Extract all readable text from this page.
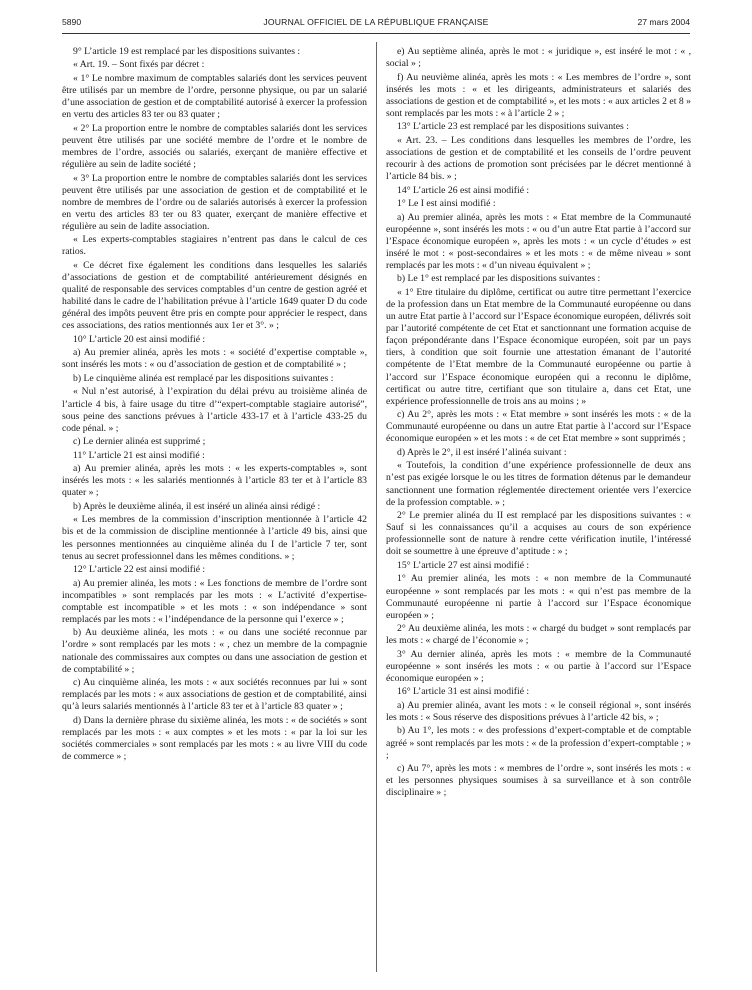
5890	JOURNAL OFFICIEL DE LA RÉPUBLIQUE FRANÇAISE	27 mars 2004

9° L’article 19 est remplacé par les dispositions suivantes :

« Art. 19. – Sont fixés par décret :

« 1° Le nombre maximum de comptables salariés dont les services peuvent être utilisés par un membre de l’ordre, personne physique, ou par un salarié d’une association de gestion et de comptabilité autorisé à exercer la profession en vertu des articles 83 ter ou 83 quater ;

« 2° La proportion entre le nombre de comptables salariés dont les services peuvent être utilisés par une société membre de l’ordre et le nombre de membres de l’ordre, associés ou salariés, exerçant de manière effective et régulière au sein de ladite société ;

« 3° La proportion entre le nombre de comptables salariés dont les services peuvent être utilisés par une association de gestion et de comptabilité et le nombre de membres de l’ordre ou de salariés autorisés à exercer la profession en vertu des articles 83 ter ou 83 quater, exerçant de manière effective et régulière au sein de ladite association.

« Les experts-comptables stagiaires n’entrent pas dans le calcul de ces ratios.

« Ce décret fixe également les conditions dans lesquelles les salariés d’associations de gestion et de comptabilité antérieurement désignés en qualité de responsable des services comptables d’un centre de gestion agréé et habilité dans le cadre de l’habilitation prévue à l’article 1649 quater D du code général des impôts peuvent être pris en compte pour apprécier le respect, dans ces associations, des ratios mentionnés aux 1er et 3°. » ;

10° L’article 20 est ainsi modifié :

a) Au premier alinéa, après les mots : « société d’expertise comptable », sont insérés les mots : « ou d’association de gestion et de comptabilité » ;

b) Le cinquième alinéa est remplacé par les dispositions suivantes :

« Nul n’est autorisé, à l’expiration du délai prévu au troisième alinéa de l’article 4 bis, à faire usage du titre d’“expert-comptable stagiaire autorisé”, sous peine des sanctions prévues à l’article 433-17 et à l’article 433-25 du code pénal. » ;

c) Le dernier alinéa est supprimé ;

11° L’article 21 est ainsi modifié :

a) Au premier alinéa, après les mots : « les experts-comptables », sont insérés les mots : « les salariés mentionnés à l’article 83 ter et à l’article 83 quater » ;

b) Après le deuxième alinéa, il est inséré un alinéa ainsi rédigé :

« Les membres de la commission d’inscription mentionnée à l’article 42 bis et de la commission de discipline mentionnée à l’article 49 bis, ainsi que les personnes mentionnées au cinquième alinéa du I de l’article 7 ter, sont tenus au secret professionnel dans les mêmes conditions. » ;

12° L’article 22 est ainsi modifié :

a) Au premier alinéa, les mots : « Les fonctions de membre de l’ordre sont incompatibles » sont remplacés par les mots : « L’activité d’expertise-comptable est incompatible » et les mots : « son indépendance » sont remplacés par les mots : « l’indépendance de la personne qui l’exerce » ;

b) Au deuxième alinéa, les mots : « ou dans une société reconnue par l’ordre » sont remplacés par les mots : « , chez un membre de la compagnie nationale des commissaires aux comptes ou dans une association de gestion et de comptabilité » ;

c) Au cinquième alinéa, les mots : « aux sociétés reconnues par lui » sont remplacés par les mots : « aux associations de gestion et de comptabilité, ainsi qu’à leurs salariés mentionnés à l’article 83 ter et à l’article 83 quater » ;

d) Dans la dernière phrase du sixième alinéa, les mots : « de sociétés » sont remplacés par les mots : « aux comptes » et les mots : « par la loi sur les sociétés commerciales » sont remplacés par les mots : « au livre VIII du code de commerce » ;

e) Au septième alinéa, après le mot : « juridique », est inséré le mot : « , social » ;

f) Au neuvième alinéa, après les mots : « Les membres de l’ordre », sont insérés les mots : « et les dirigeants, administrateurs et salariés des associations de gestion et de comptabilité », et les mots : « aux articles 2 et 8 » sont remplacés par les mots : « à l’article 2 » ;

13° L’article 23 est remplacé par les dispositions suivantes :

« Art. 23. – Les conditions dans lesquelles les membres de l’ordre, les associations de gestion et de comptabilité et les conseils de l’ordre peuvent recourir à des actions de promotion sont précisées par le décret mentionné à l’article 84 bis. » ;

14° L’article 26 est ainsi modifié :

1° Le I est ainsi modifié :

a) Au premier alinéa, après les mots : « Etat membre de la Communauté européenne », sont insérés les mots : « ou d’un autre Etat partie à l’accord sur l’Espace économique européen », après les mots : « un cycle d’études » est inséré le mot : « post-secondaires » et les mots : « de même niveau » sont remplacés par les mots : « d’un niveau équivalent » ;

b) Le 1° est remplacé par les dispositions suivantes :

« 1° Etre titulaire du diplôme, certificat ou autre titre permettant l’exercice de la profession dans un Etat membre de la Communauté européenne ou dans un autre Etat partie à l’accord sur l’Espace économique européen, délivrés soit par l’autorité compétente de cet Etat et sanctionnant une formation acquise de façon prépondérante dans l’Espace économique européen, soit par un pays tiers, à condition que soit fournie une attestation émanant de l’autorité compétente de l’Etat membre de la Communauté européenne ou partie à l’accord sur l’Espace économique européen qui a reconnu le diplôme, certificat ou autre titre, certifiant que son titulaire a, dans cet Etat, une expérience professionnelle de trois ans au moins ; »

c) Au 2°, après les mots : « Etat membre » sont insérés les mots : « de la Communauté européenne ou dans un autre Etat partie à l’accord sur l’Espace économique européen » et les mots : « de cet Etat membre » sont supprimés ;

d) Après le 2°, il est inséré l’alinéa suivant :

« Toutefois, la condition d’une expérience professionnelle de deux ans n’est pas exigée lorsque le ou les titres de formation détenus par le demandeur sanctionnent une formation réglementée directement orientée vers l’exercice de la profession comptable. » ;

2° Le premier alinéa du II est remplacé par les dispositions suivantes : « Sauf si les connaissances qu’il a acquises au cours de son expérience professionnelle sont de nature à rendre cette vérification inutile, l’intéressé doit se soumettre à une épreuve d’aptitude : » ;

15° L’article 27 est ainsi modifié :

1° Au premier alinéa, les mots : « non membre de la Communauté européenne » sont remplacés par les mots : « qui n’est pas membre de la Communauté européenne ni partie à l’accord sur l’Espace économique européen » ;

2° Au deuxième alinéa, les mots : « chargé du budget » sont remplacés par les mots : « chargé de l’économie » ;

3° Au dernier alinéa, après les mots : « membre de la Communauté européenne » sont insérés les mots : « ou partie à l’accord sur l’Espace économique européen » ;

16° L’article 31 est ainsi modifié :

a) Au premier alinéa, avant les mots : « le conseil régional », sont insérés les mots : « Sous réserve des dispositions prévues à l’article 42 bis, » ;

b) Au 1°, les mots : « des professions d’expert-comptable et de comptable agréé » sont remplacés par les mots : « de la profession d’expert-comptable ; » ;

c) Au 7°, après les mots : « membres de l’ordre », sont insérés les mots : « et les personnes physiques soumises à sa surveillance et à son contrôle disciplinaire » ;
